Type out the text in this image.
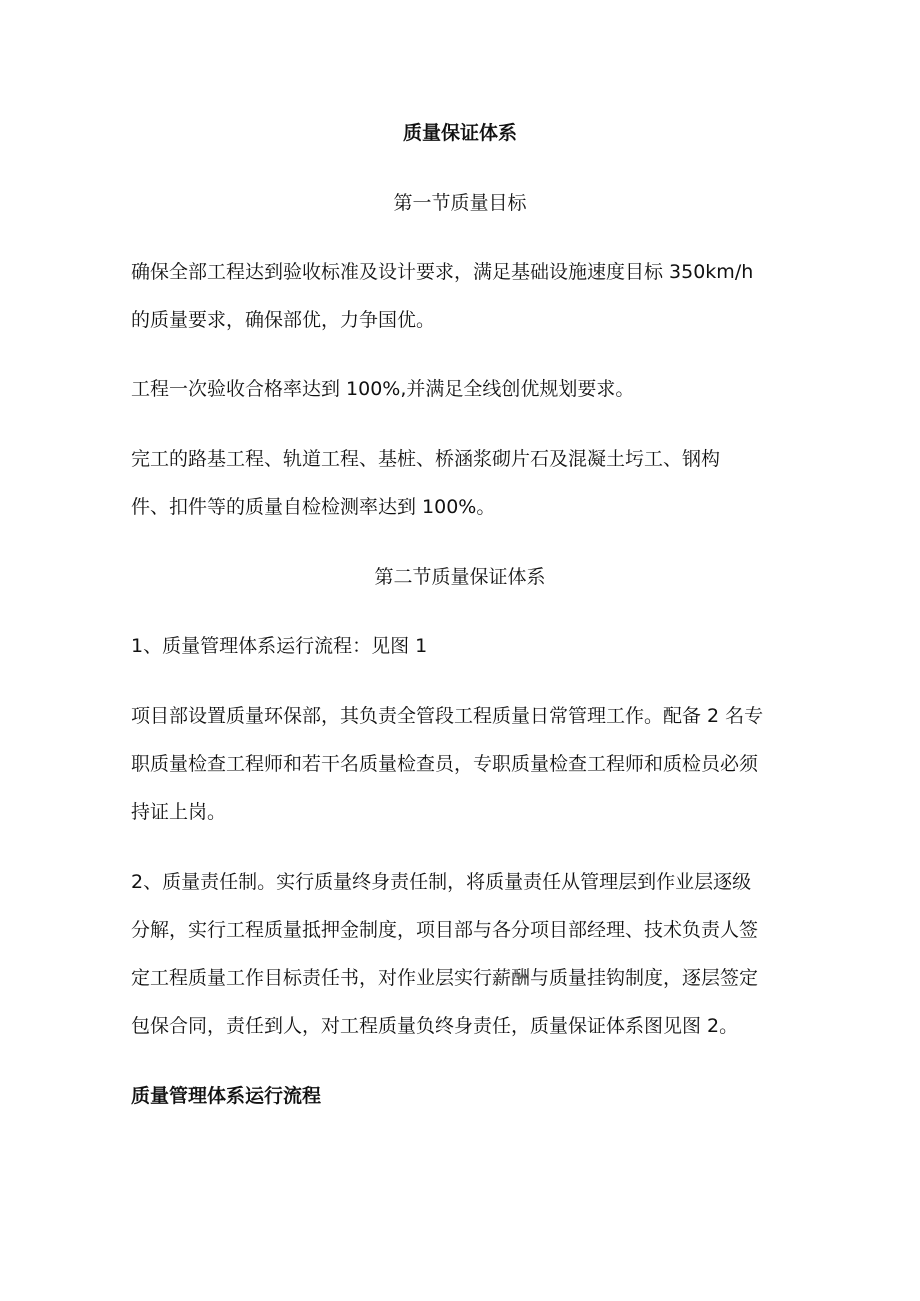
质量保证体系
第一节质量目标
确保全部工程达到验收标准及设计要求，满足基础设施速度目标 350km/h
的质量要求，确保部优，力争国优。
工程一次验收合格率达到 100%,并满足全线创优规划要求。
完工的路基工程、轨道工程、基桩、桥涵浆砌片石及混凝土圬工、钢构
件、扣件等的质量自检检测率达到 100%。
第二节质量保证体系
1、质量管理体系运行流程：见图 1
项目部设置质量环保部，其负责全管段工程质量日常管理工作。配备 2 名专
职质量检查工程师和若干名质量检查员，专职质量检查工程师和质检员必须
持证上岗。
2、质量责任制。实行质量终身责任制，将质量责任从管理层到作业层逐级
分解，实行工程质量抵押金制度，项目部与各分项目部经理、技术负责人签
定工程质量工作目标责任书，对作业层实行薪酬与质量挂钩制度，逐层签定
包保合同，责任到人，对工程质量负终身责任，质量保证体系图见图 2。
质量管理体系运行流程
